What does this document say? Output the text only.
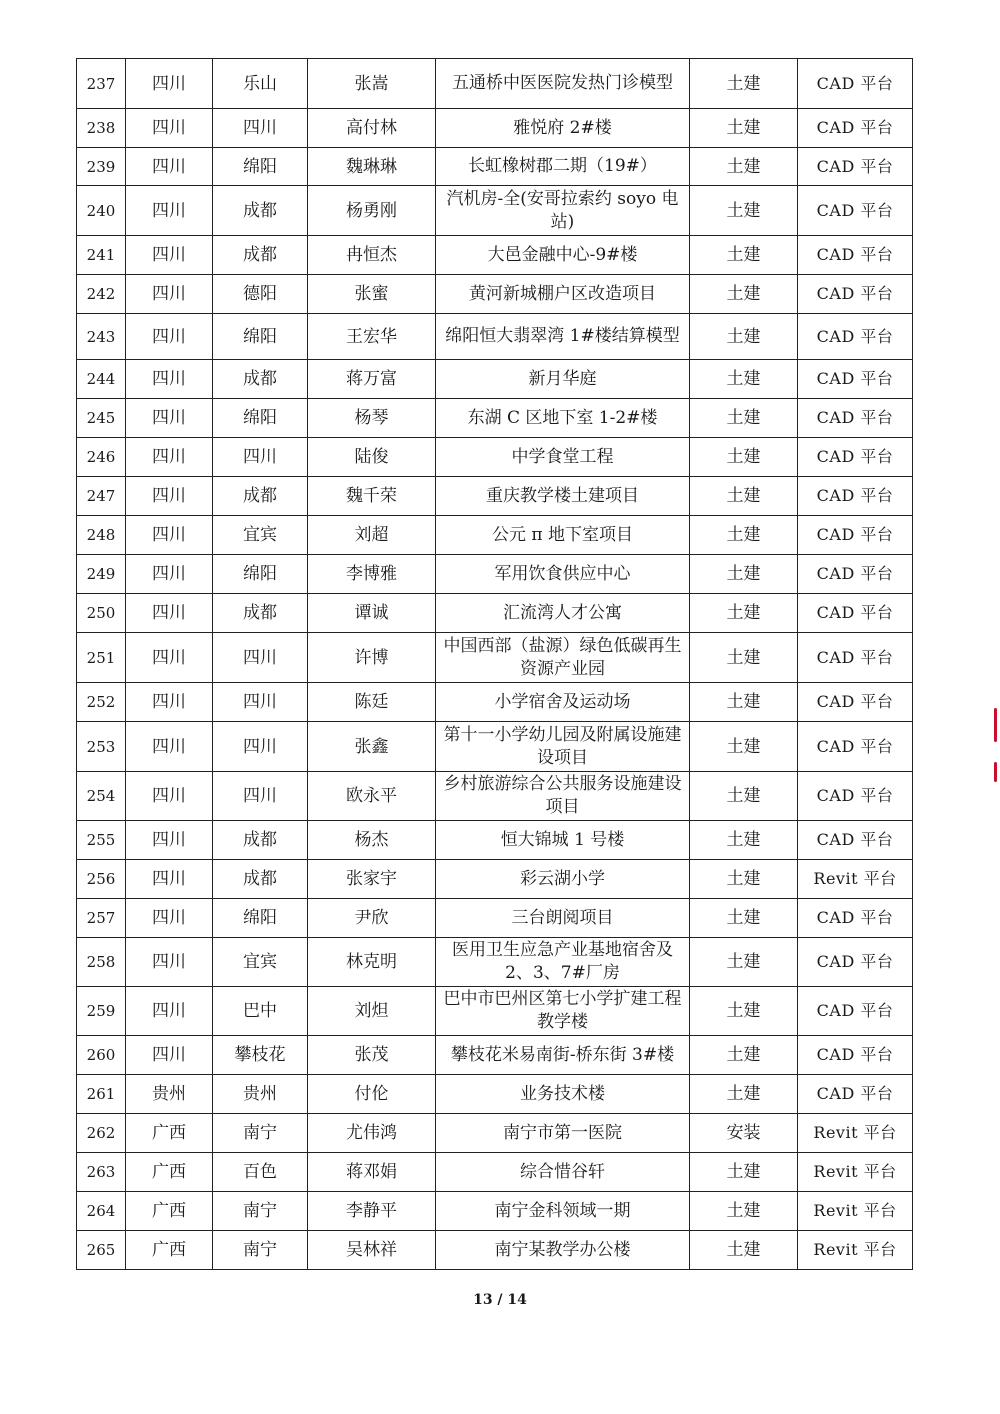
237	四川	乐山	张嵩	五通桥中医医院发热门诊模型	土建	CAD 平台
238	四川	四川	高付林	雅悦府 2#楼	土建	CAD 平台
239	四川	绵阳	魏琳琳	长虹橡树郡二期（19#）	土建	CAD 平台
240	四川	成都	杨勇刚	汽机房-全(安哥拉索约 soyo 电站)	土建	CAD 平台
241	四川	成都	冉恒杰	大邑金融中心-9#楼	土建	CAD 平台
242	四川	德阳	张蜜	黄河新城棚户区改造项目	土建	CAD 平台
243	四川	绵阳	王宏华	绵阳恒大翡翠湾 1#楼结算模型	土建	CAD 平台
244	四川	成都	蒋万富	新月华庭	土建	CAD 平台
245	四川	绵阳	杨琴	东湖 C 区地下室 1-2#楼	土建	CAD 平台
246	四川	四川	陆俊	中学食堂工程	土建	CAD 平台
247	四川	成都	魏千荣	重庆教学楼土建项目	土建	CAD 平台
248	四川	宜宾	刘超	公元 π 地下室项目	土建	CAD 平台
249	四川	绵阳	李博雅	军用饮食供应中心	土建	CAD 平台
250	四川	成都	谭诚	汇流湾人才公寓	土建	CAD 平台
251	四川	四川	许博	中国西部（盐源）绿色低碳再生资源产业园	土建	CAD 平台
252	四川	四川	陈廷	小学宿舍及运动场	土建	CAD 平台
253	四川	四川	张鑫	第十一小学幼儿园及附属设施建设项目	土建	CAD 平台
254	四川	四川	欧永平	乡村旅游综合公共服务设施建设项目	土建	CAD 平台
255	四川	成都	杨杰	恒大锦城 1 号楼	土建	CAD 平台
256	四川	成都	张家宇	彩云湖小学	土建	Revit 平台
257	四川	绵阳	尹欣	三台朗阅项目	土建	CAD 平台
258	四川	宜宾	林克明	医用卫生应急产业基地宿舍及 2、3、7#厂房	土建	CAD 平台
259	四川	巴中	刘炟	巴中市巴州区第七小学扩建工程教学楼	土建	CAD 平台
260	四川	攀枝花	张茂	攀枝花米易南街-桥东街 3#楼	土建	CAD 平台
261	贵州	贵州	付伦	业务技术楼	土建	CAD 平台
262	广西	南宁	尤伟鸿	南宁市第一医院	安装	Revit 平台
263	广西	百色	蒋邓娟	综合惜谷轩	土建	Revit 平台
264	广西	南宁	李静平	南宁金科领域一期	土建	Revit 平台
265	广西	南宁	吴林祥	南宁某教学办公楼	土建	Revit 平台
13 / 14
